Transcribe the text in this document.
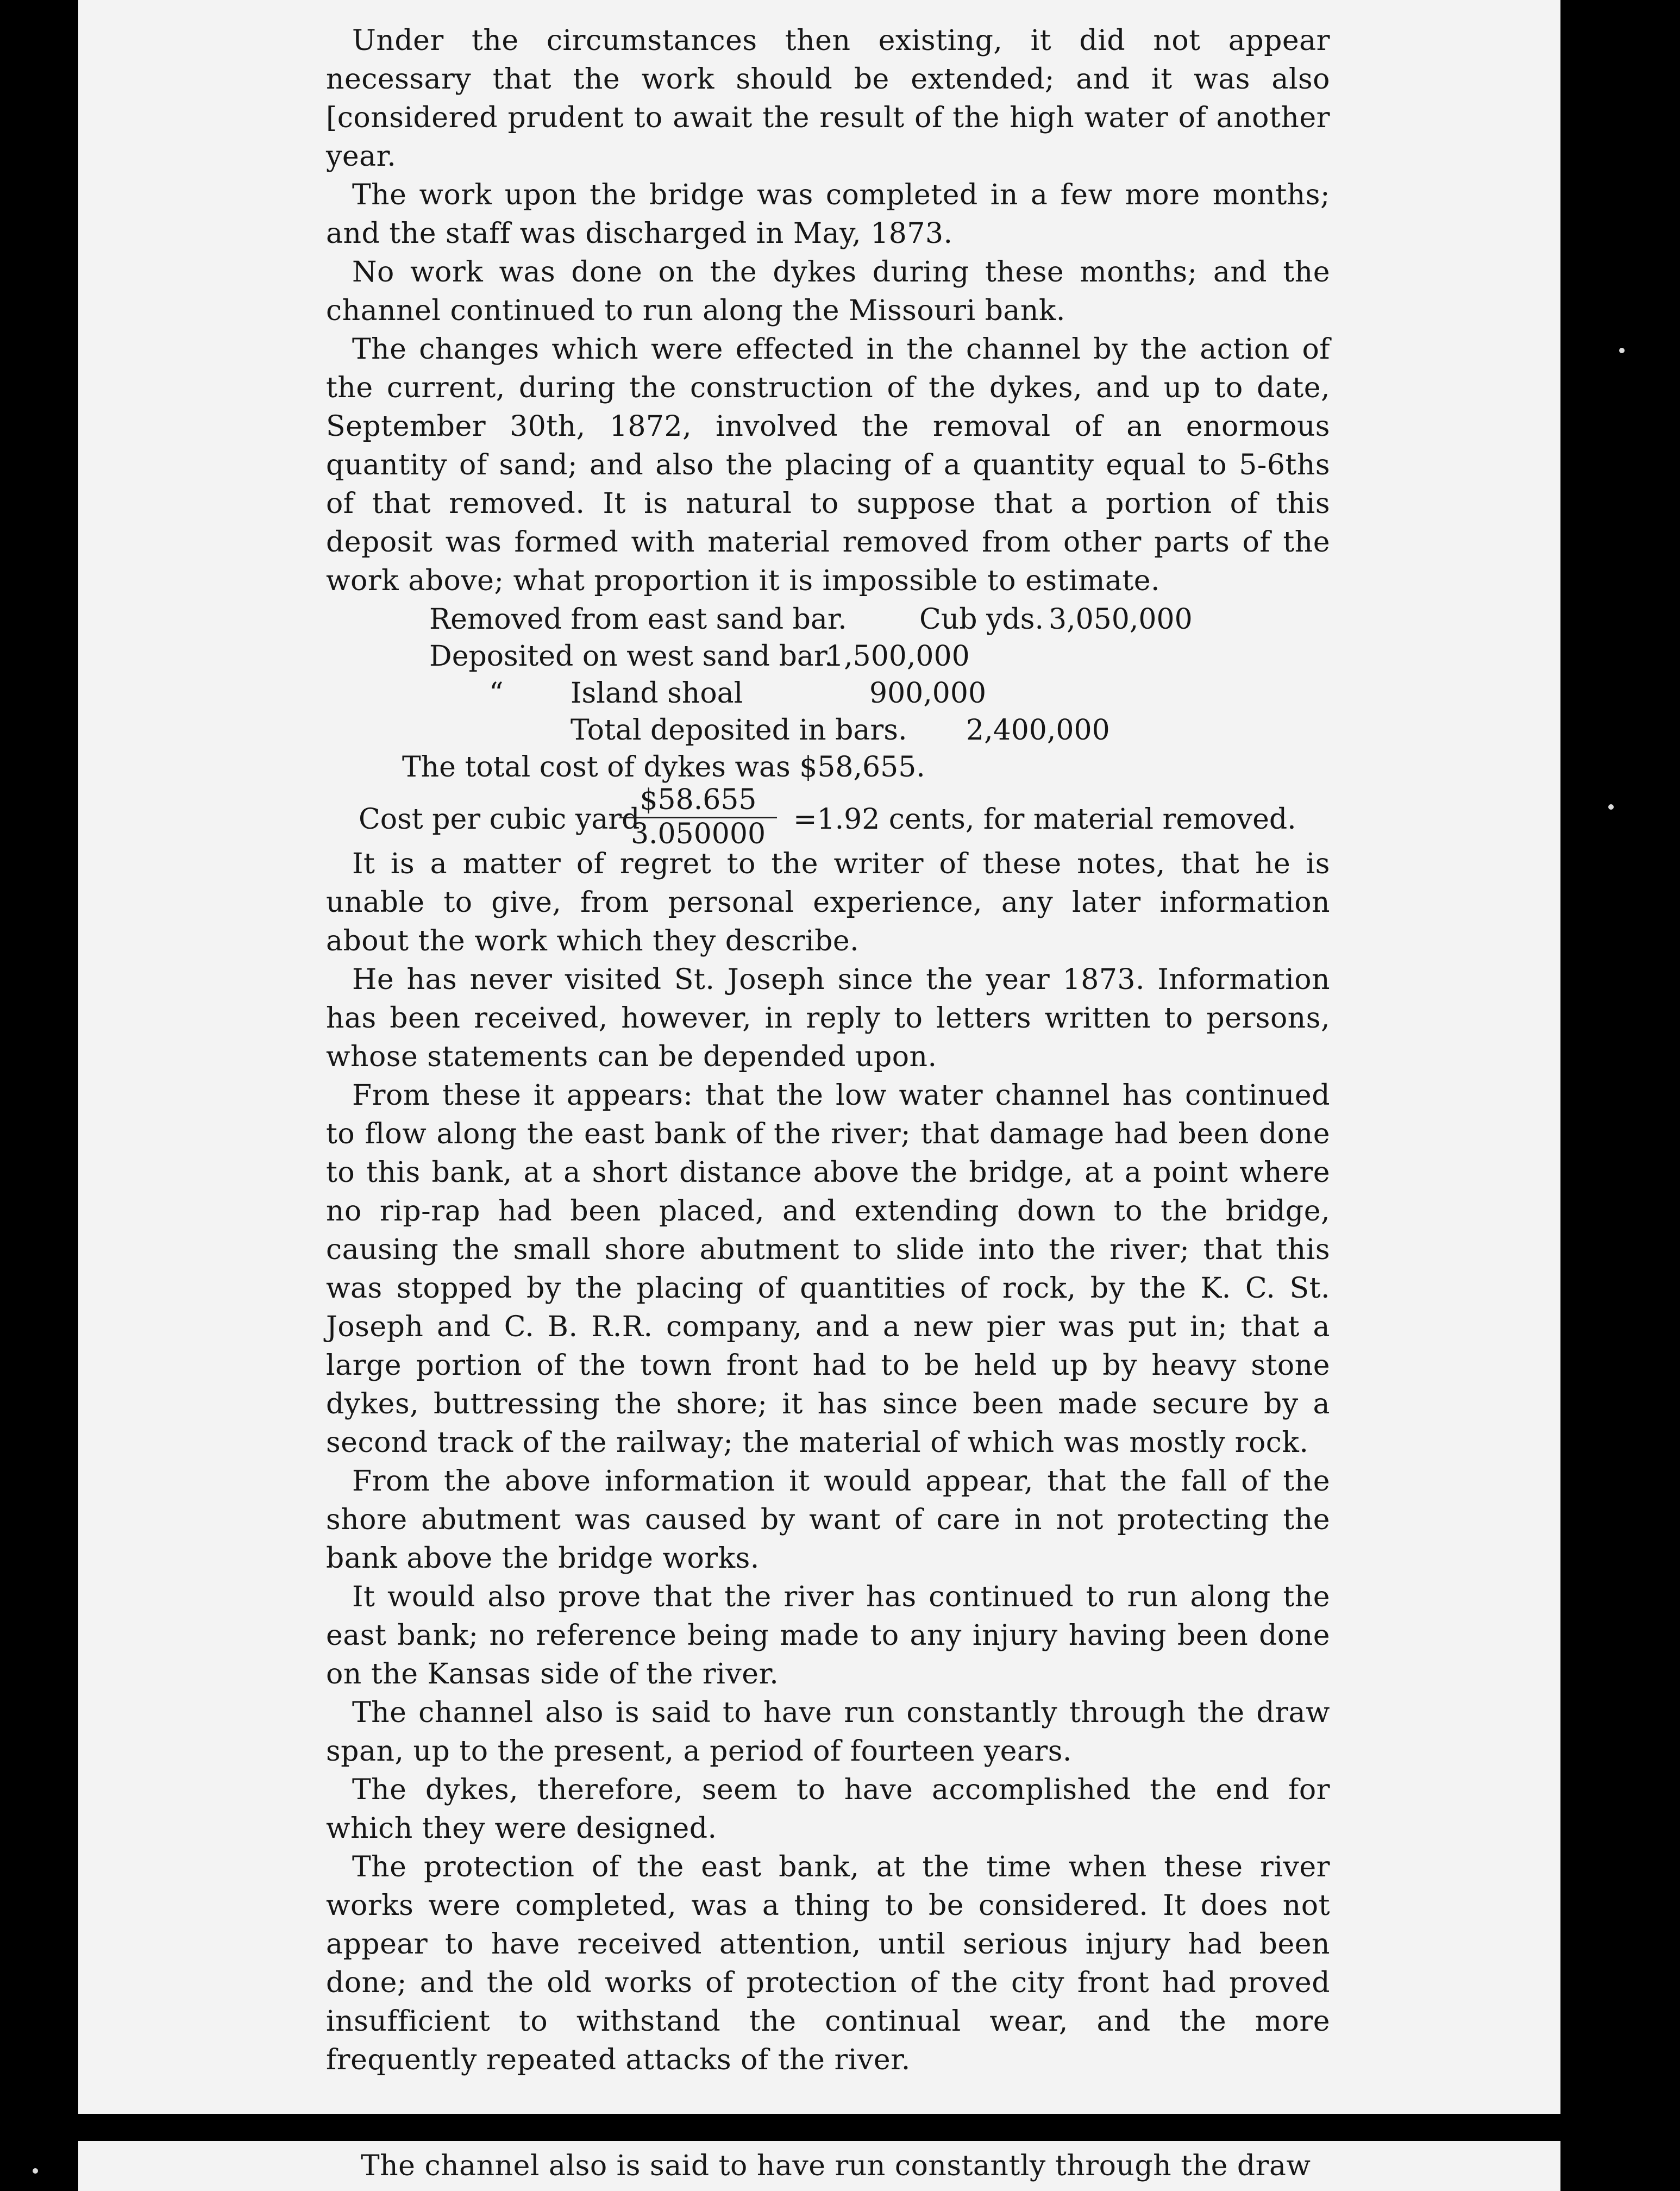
Under the circumstances then existing, it did not appear necessary that the work should be extended; and it was also [considered prudent to await the result of the high water of another year.

The work upon the bridge was completed in a few more months; and the staff was discharged in May, 1873.

No work was done on the dykes during these months; and the channel continued to run along the Missouri bank.

The changes which were effected in the channel by the action of the current, during the construction of the dykes, and up to date, September 30th, 1872, involved the removal of an enormous quantity of sand; and also the placing of a quantity equal to 5-6ths of that removed. It is natural to suppose that a portion of this deposit was formed with material removed from other parts of the work above; what proportion it is impossible to estimate.

Removed from east sand bar.	Cub yds. 3,050,000
Deposited on west sand bar.
1,500,000
“ Island shoal	900,000
Total deposited in bars. 2,400,000
The total cost of dykes was $58,655.
Cost per cubic yard
$\frac{\$58.655}{3.050000} =1.92$ cents, for material removed.

It is a matter of regret to the writer of these notes, that he is unable to give, from personal experience, any later information about the work which they describe.

He has never visited St. Joseph since the year 1873. Information has been received, however, in reply to letters written to persons, whose statements can be depended upon.

From these it appears: that the low water channel has continued to flow along the east bank of the river; that damage had been done to this bank, at a short distance above the bridge, at a point where no rip-rap had been placed, and extending down to the bridge, causing the small shore abutment to slide into the river; that this was stopped by the placing of quantities of rock, by the K. C. St. Joseph and C. B. R.R. company, and a new pier was put in; that a large portion of the town front had to be held up by heavy stone dykes, buttressing the shore; it has since been made secure by a second track of the railway; the material of which was mostly rock.

From the above information it would appear, that the fall of the shore abutment was caused by want of care in not protecting the bank above the bridge works.

It would also prove that the river has continued to run along the east bank; no reference being made to any injury having been done on the Kansas side of the river.

The channel also is said to have run constantly through the draw span, up to the present, a period of fourteen years.

The dykes, therefore, seem to have accomplished the end for which they were designed.

The protection of the east bank, at the time when these river works were completed, was a thing to be considered. It does not appear to have received attention, until serious injury had been done; and the old works of protection of the city front had proved insufficient to withstand the continual wear, and the more frequently repeated attacks of the river.

The channel also is said to have run constantly through the draw
